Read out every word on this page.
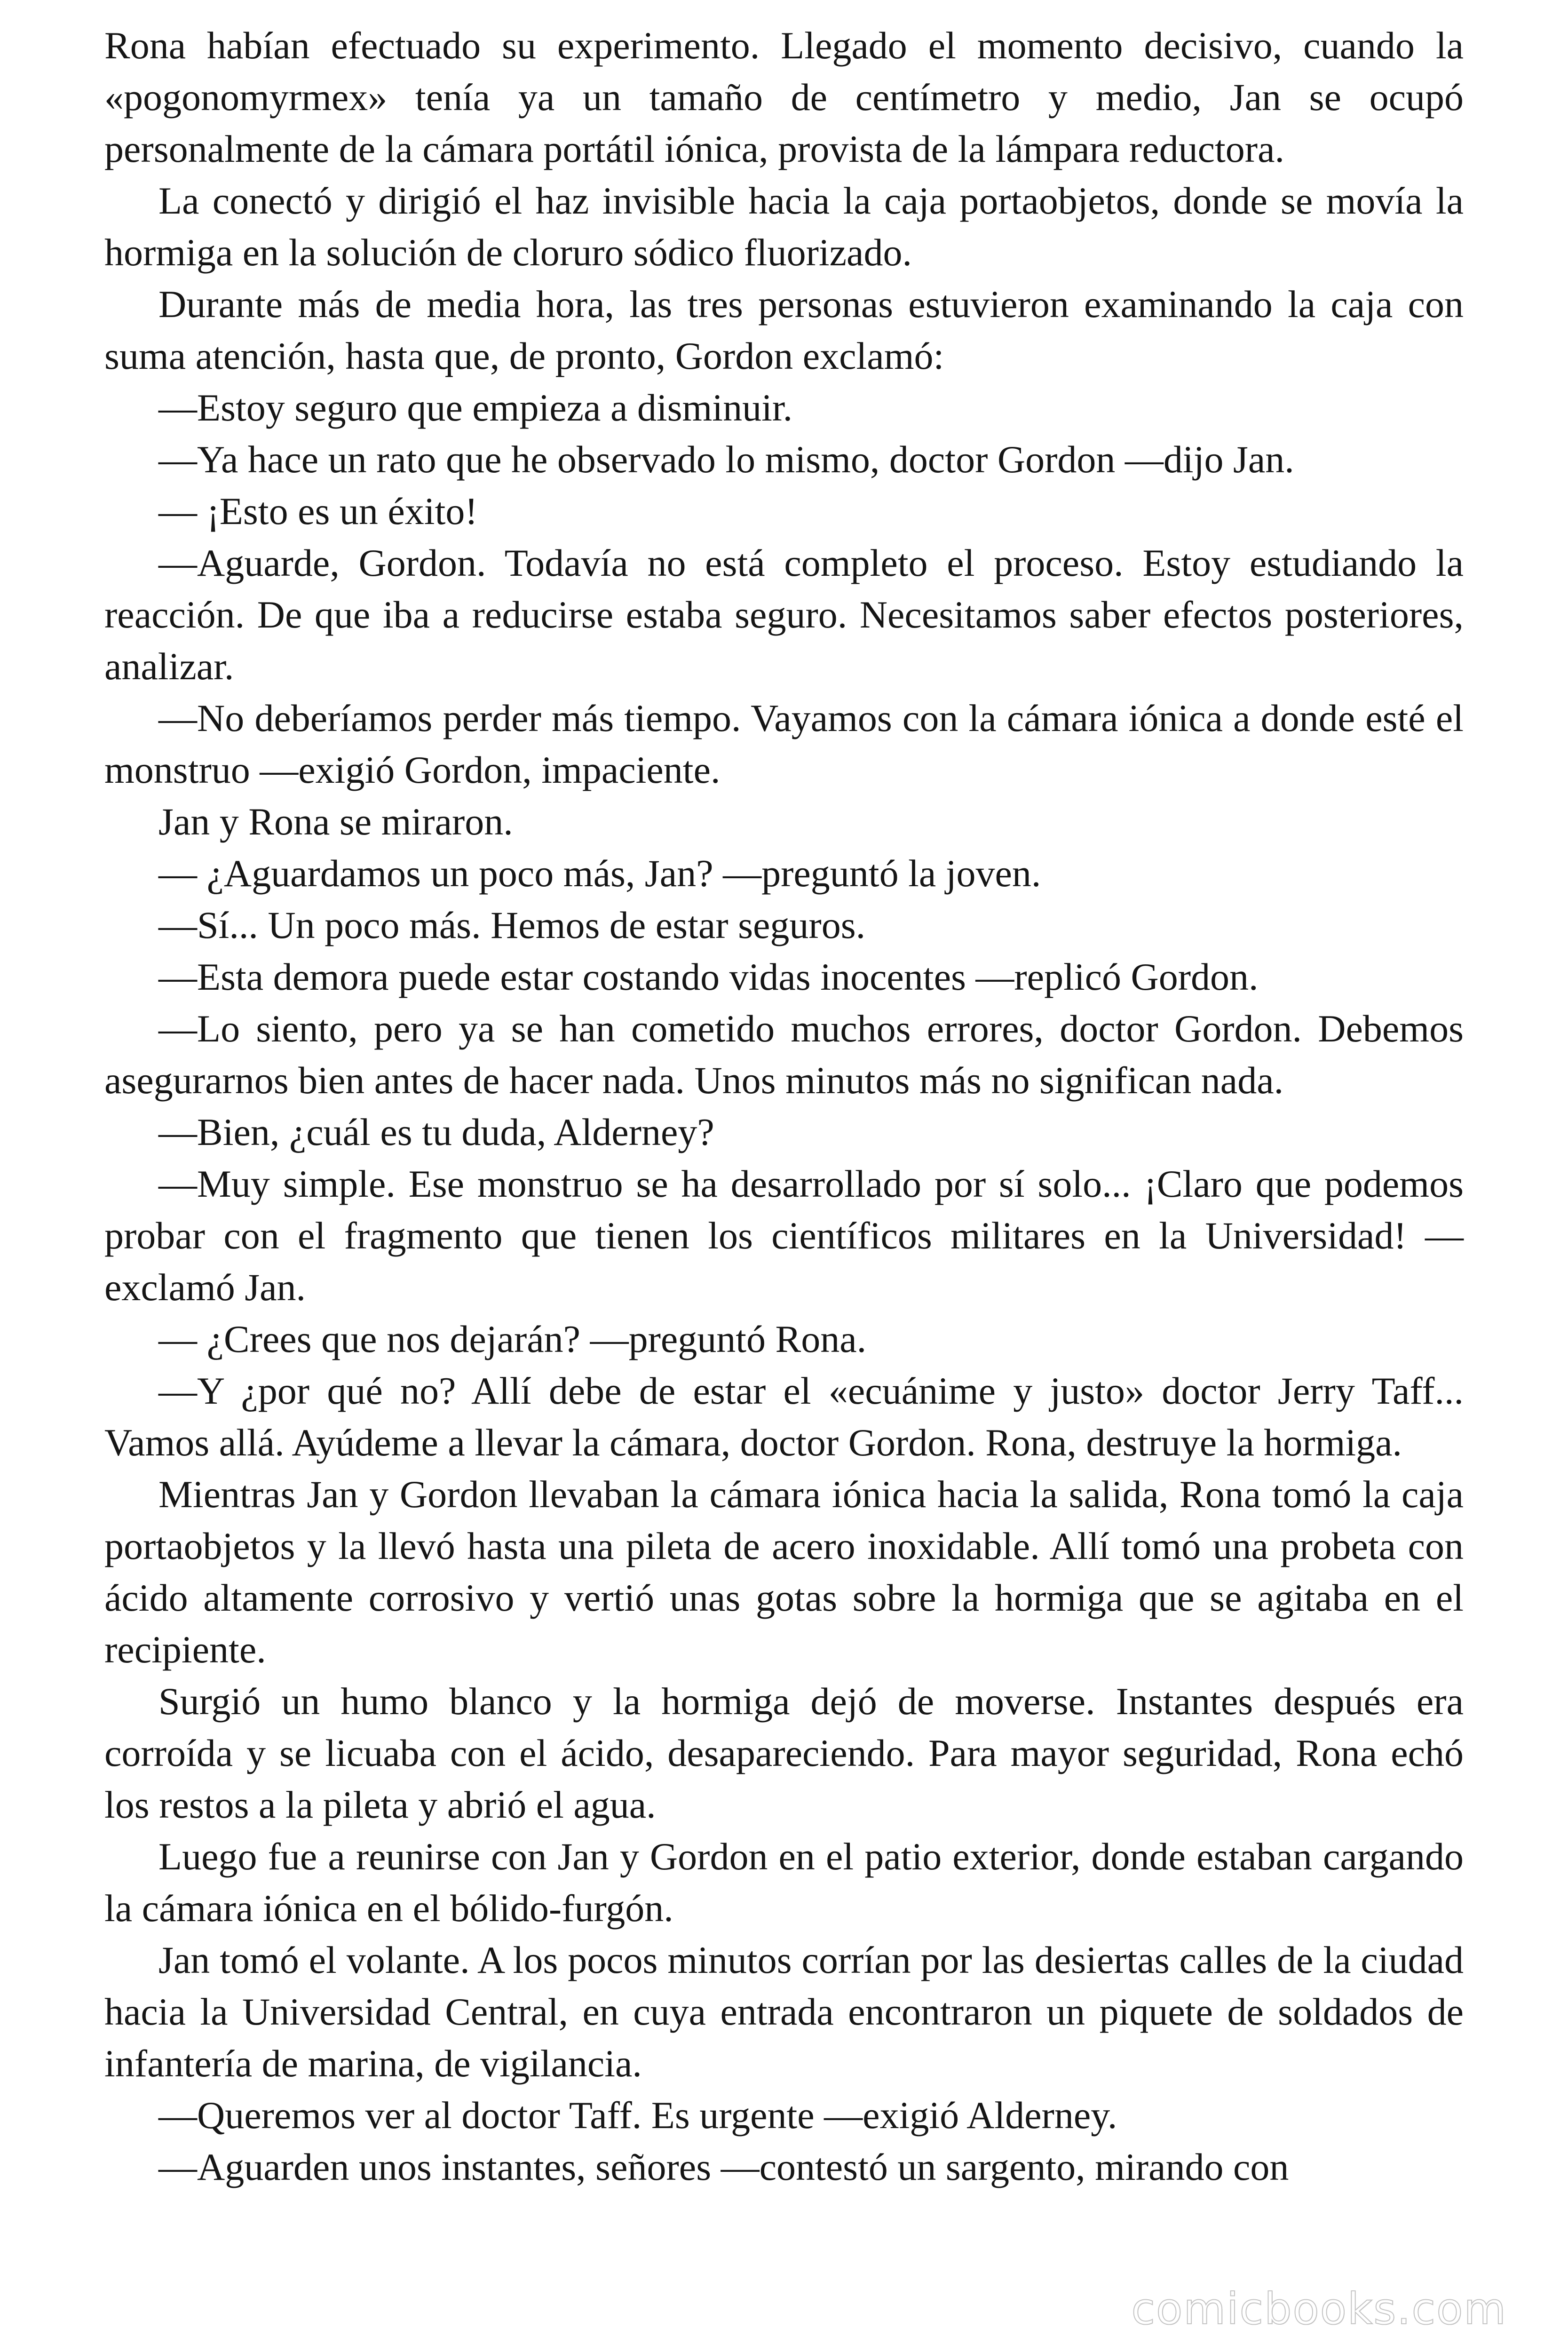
Rona habían efectuado su experimento. Llegado el momento decisivo, cuando la «pogonomyrmex» tenía ya un tamaño de centímetro y medio, Jan se ocupó personalmente de la cámara portátil iónica, provista de la lámpara reductora.

La conectó y dirigió el haz invisible hacia la caja portaobjetos, donde se movía la hormiga en la solución de cloruro sódico fluorizado.

Durante más de media hora, las tres personas estuvieron examinando la caja con suma atención, hasta que, de pronto, Gordon exclamó:

—Estoy seguro que empieza a disminuir.

—Ya hace un rato que he observado lo mismo, doctor Gordon —dijo Jan.

— ¡Esto es un éxito!

—Aguarde, Gordon. Todavía no está completo el proceso. Estoy estudiando la reacción. De que iba a reducirse estaba seguro. Necesitamos saber efectos posteriores, analizar.

—No deberíamos perder más tiempo. Vayamos con la cámara iónica a donde esté el monstruo —exigió Gordon, impaciente.

Jan y Rona se miraron.

— ¿Aguardamos un poco más, Jan? —preguntó la joven.

—Sí... Un poco más. Hemos de estar seguros.

—Esta demora puede estar costando vidas inocentes —replicó Gordon.

—Lo siento, pero ya se han cometido muchos errores, doctor Gordon. Debemos asegurarnos bien antes de hacer nada. Unos minutos más no significan nada.

—Bien, ¿cuál es tu duda, Alderney?

—Muy simple. Ese monstruo se ha desarrollado por sí solo... ¡Claro que podemos probar con el fragmento que tienen los científicos militares en la Universidad! —exclamó Jan.

— ¿Crees que nos dejarán? —preguntó Rona.

—Y ¿por qué no? Allí debe de estar el «ecuánime y justo» doctor Jerry Taff... Vamos allá. Ayúdeme a llevar la cámara, doctor Gordon. Rona, destruye la hormiga.

Mientras Jan y Gordon llevaban la cámara iónica hacia la salida, Rona tomó la caja portaobjetos y la llevó hasta una pileta de acero inoxidable. Allí tomó una probeta con ácido altamente corrosivo y vertió unas gotas sobre la hormiga que se agitaba en el recipiente.

Surgió un humo blanco y la hormiga dejó de moverse. Instantes después era corroída y se licuaba con el ácido, desapareciendo. Para mayor seguridad, Rona echó los restos a la pileta y abrió el agua.

Luego fue a reunirse con Jan y Gordon en el patio exterior, donde estaban cargando la cámara iónica en el bólido-furgón.

Jan tomó el volante. A los pocos minutos corrían por las desiertas calles de la ciudad hacia la Universidad Central, en cuya entrada encontraron un piquete de soldados de infantería de marina, de vigilancia.

—Queremos ver al doctor Taff. Es urgente —exigió Alderney.

—Aguarden unos instantes, señores —contestó un sargento, mirando con

comicbooks.com
